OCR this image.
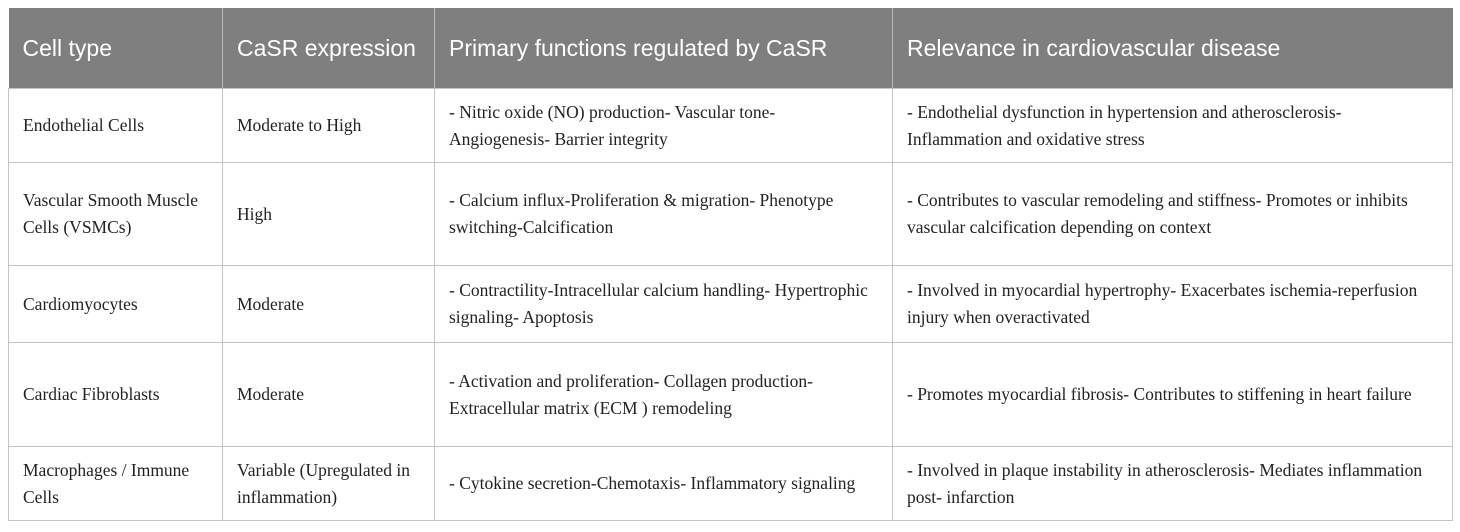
Cell type	CaSR expression	Primary functions regulated by CaSR	Relevance in cardiovascular disease
Endothelial Cells	Moderate to High	- Nitric oxide (NO) production- Vascular tone- Angiogenesis- Barrier integrity	- Endothelial dysfunction in hypertension and atherosclerosis- Inflammation and oxidative stress
Vascular Smooth Muscle Cells (VSMCs)	High	- Calcium influx-Proliferation & migration- Phenotype switching-Calcification	- Contributes to vascular remodeling and stiffness- Promotes or inhibits vascular calcification depending on context
Cardiomyocytes	Moderate	- Contractility-Intracellular calcium handling- Hypertrophic signaling- Apoptosis	- Involved in myocardial hypertrophy- Exacerbates ischemia-reperfusion injury when overactivated
Cardiac Fibroblasts	Moderate	- Activation and proliferation- Collagen production- Extracellular matrix (ECM ) remodeling	- Promotes myocardial fibrosis- Contributes to stiffening in heart failure
Macrophages / Immune Cells	Variable (Upregulated in inflammation)	- Cytokine secretion-Chemotaxis- Inflammatory signaling	- Involved in plaque instability in atherosclerosis- Mediates inflammation post- infarction
